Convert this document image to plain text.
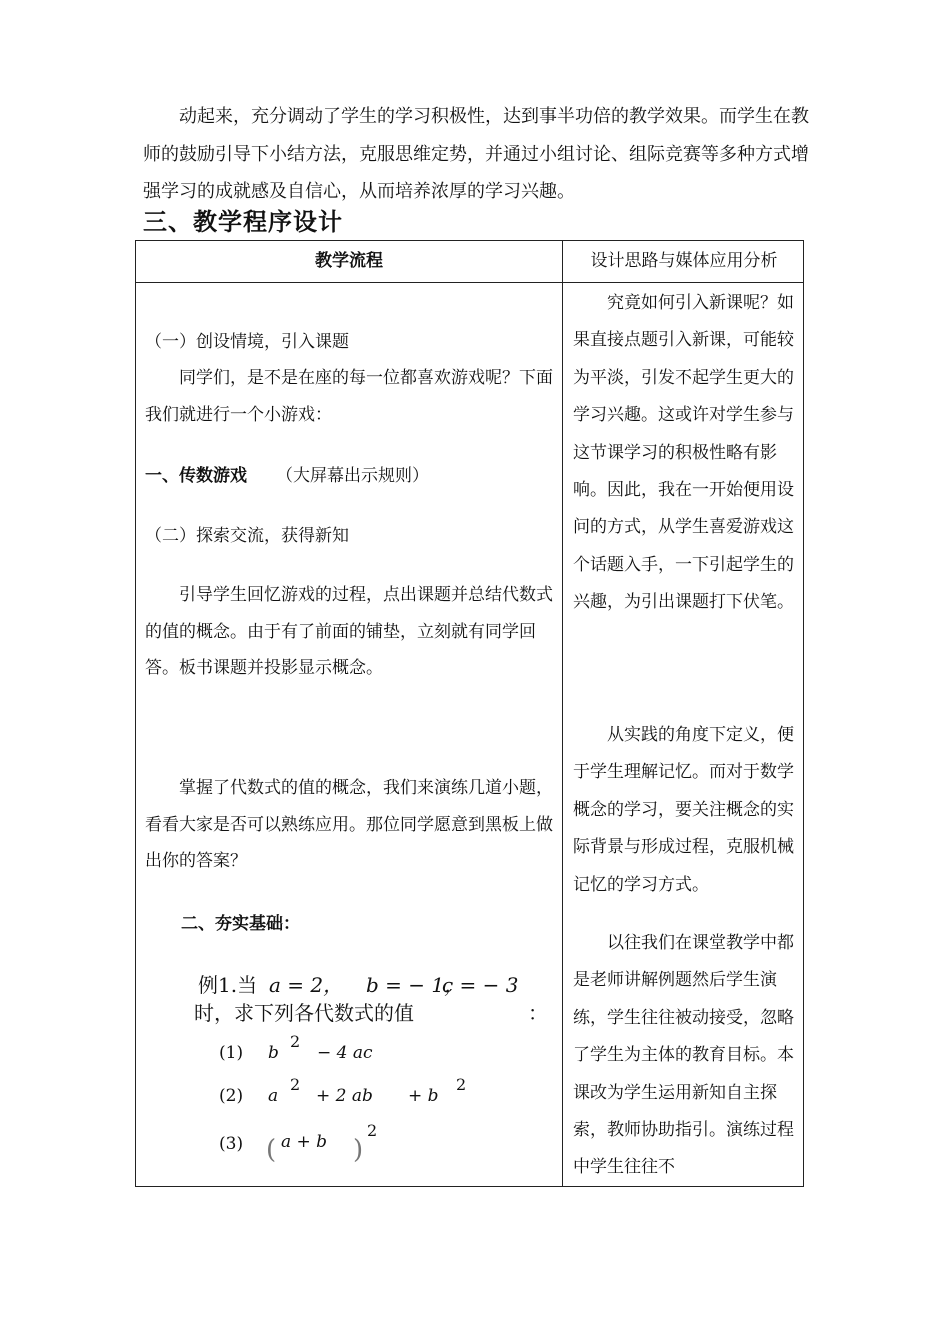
动起来，充分调动了学生的学习积极性，达到事半功倍的教学效果。而学生在教师的鼓励引导下小结方法，克服思维定势，并通过小组讨论、组际竞赛等多种方式增强学习的成就感及自信心，从而培养浓厚的学习兴趣。

三、教学程序设计
教学流程	设计思路与媒体应用分析

（一）创设情境，引入课题

同学们，是不是在座的每一位都喜欢游戏呢？下面我们就进行一个小游戏：

一、传数游戏 （大屏幕出示规则）

（二）探索交流，获得新知

引导学生回忆游戏的过程，点出课题并总结代数式的值的概念。由于有了前面的铺垫，立刻就有同学回答。板书课题并投影显示概念。

掌握了代数式的值的概念，我们来演练几道小题，看看大家是否可以熟练应用。那位同学愿意到黑板上做出你的答案？

二、夯实基础：

例1.当 a = 2， b = − 1，
c = − 3
时，求下列各代数式的值	：
(1) b
2
− 4 ac
(2) a
2
+ 2 ab + b
2
(3) ( a + b )
2

究竟如何引入新课呢？如果直接点题引入新课，可能较为平淡，引发不起学生更大的学习兴趣。这或许对学生参与这节课学习的积极性略有影响。因此，我在一开始便用设问的方式，从学生喜爱游戏这个话题入手，一下引起学生的兴趣，为引出课题打下伏笔。

从实践的角度下定义，便于学生理解记忆。而对于数学概念的学习，要关注概念的实际背景与形成过程，克服机械记忆的学习方式。

以往我们在课堂教学中都是老师讲解例题然后学生演练，学生往往被动接受，忽略了学生为主体的教育目标。本课改为学生运用新知自主探索，教师协助指引。演练过程中学生往往不
